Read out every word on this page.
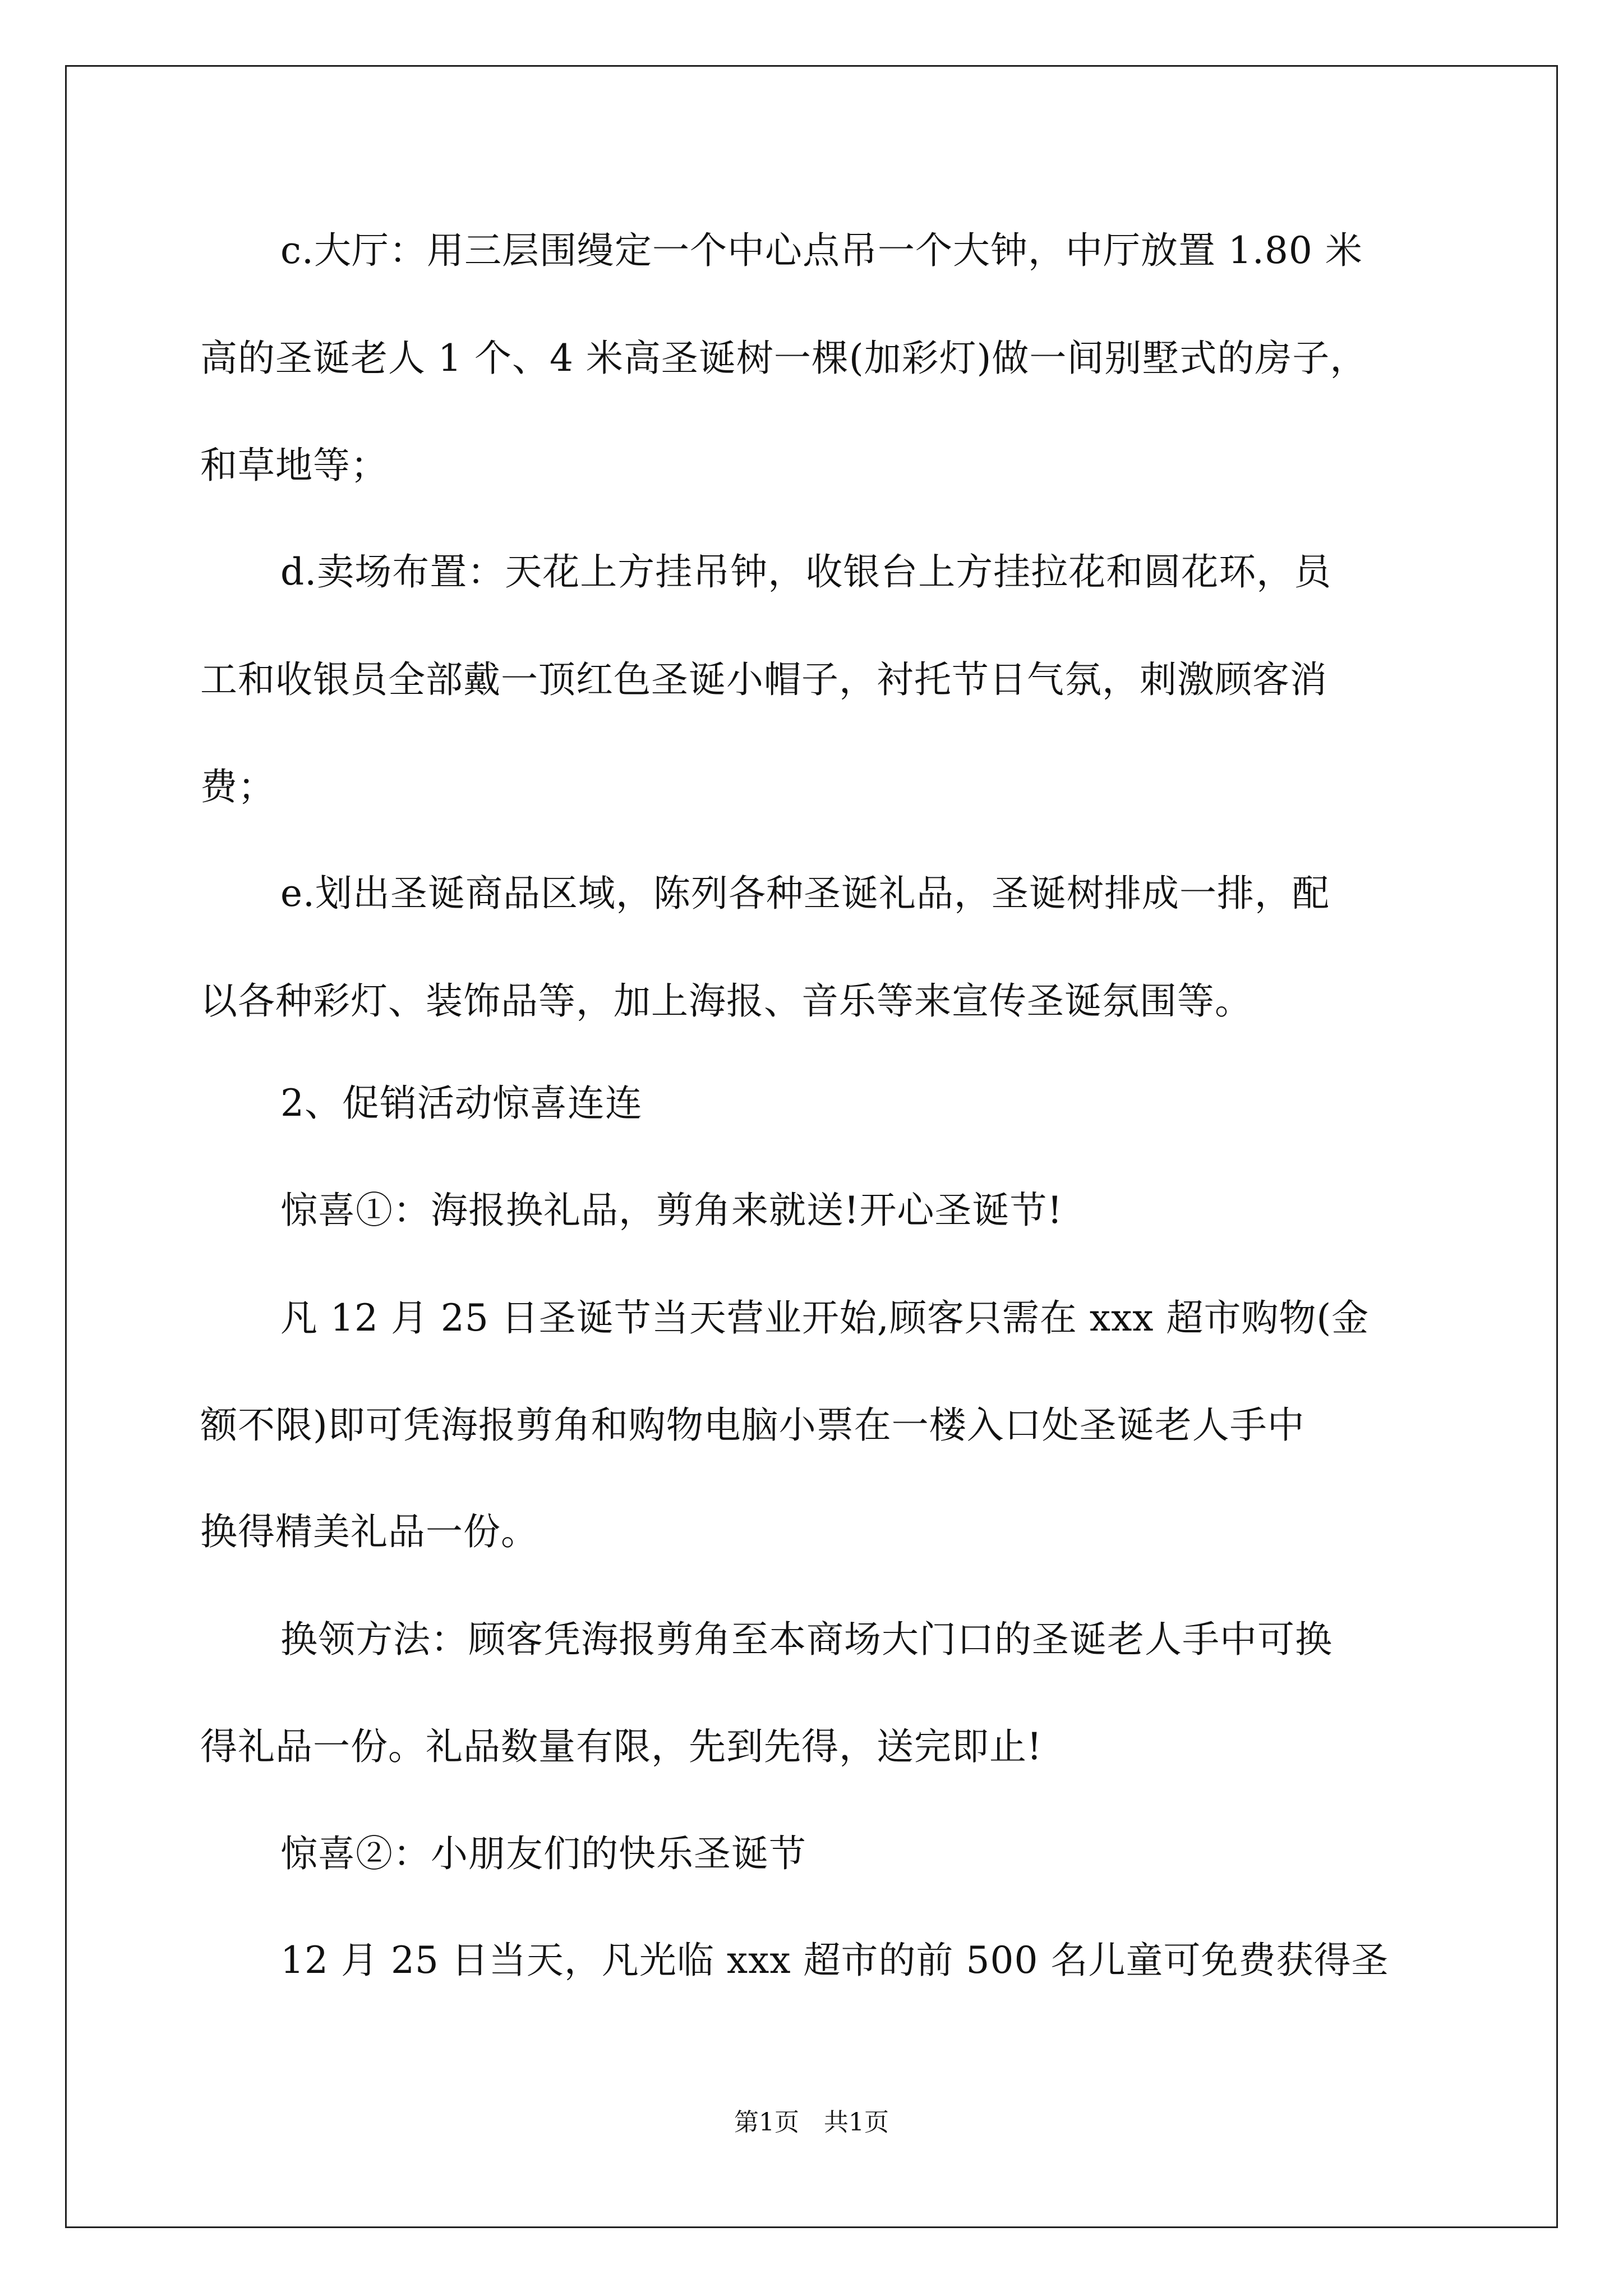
c.大厅：用三层围缦定一个中心点吊一个大钟，中厅放置 1.80 米
高的圣诞老人 1 个、4 米高圣诞树一棵(加彩灯)做一间别墅式的房子，
和草地等；
d.卖场布置：天花上方挂吊钟，收银台上方挂拉花和圆花环，员
工和收银员全部戴一顶红色圣诞小帽子，衬托节日气氛，刺激顾客消
费；
e.划出圣诞商品区域，陈列各种圣诞礼品，圣诞树排成一排，配
以各种彩灯、装饰品等，加上海报、音乐等来宣传圣诞氛围等。
2、促销活动惊喜连连
惊喜①：海报换礼品，剪角来就送!开心圣诞节!
凡 12 月 25 日圣诞节当天营业开始,顾客只需在 xxx 超市购物(金
额不限)即可凭海报剪角和购物电脑小票在一楼入口处圣诞老人手中
换得精美礼品一份。
换领方法：顾客凭海报剪角至本商场大门口的圣诞老人手中可换
得礼品一份。礼品数量有限，先到先得，送完即止!
惊喜②：小朋友们的快乐圣诞节
12 月 25 日当天，凡光临 xxx 超市的前 500 名儿童可免费获得圣
第1页 共1页
